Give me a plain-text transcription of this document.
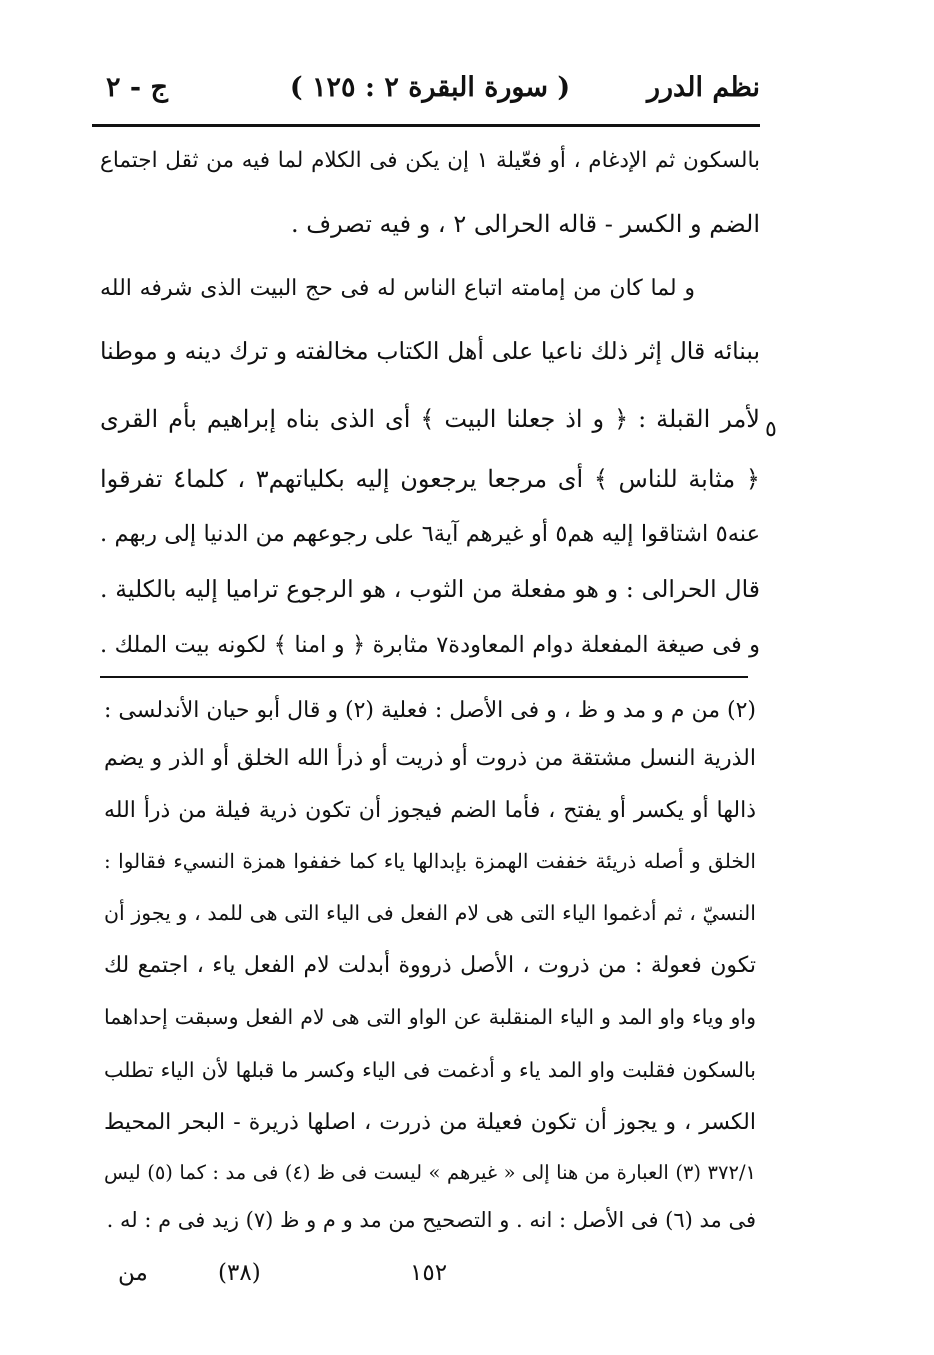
نظم الدرر
( سورة البقرة ٢ : ١٢٥ )
ج - ٢
بالسكون ثم الإدغام ، أو فعّيلة ١ إن يكن فى الكلام لما فيه من ثقل اجتماع
الضم و الكسر - قاله الحرالى ٢ ، و فيه تصرف .
و لما كان من إمامته اتباع الناس له فى حج البيت الذى شرفه الله
ببنائه قال إثر ذلك ناعيا على أهل الكتاب مخالفته و ترك دينه و موطنا
لأمر القبلة : ﴿ و اذ جعلنا البيت ﴾ أى الذى بناه إبراهيم بأم القرى
﴿ مثابة للناس ﴾ أى مرجعا يرجعون إليه بكلياتهم٣ ، كلما٤ تفرقوا
عنه٥ اشتاقوا إليه هم٥ أو غيرهم آية٦ على رجوعهم من الدنيا إلى ربهم .
قال الحرالى : و هو مفعلة من الثوب ، هو الرجوع تراميا إليه بالكلية .
و فى صيغة المفعلة دوام المعاودة٧ مثابرة ﴿ و امنا ﴾ لكونه بيت الملك .
٥
(٢) من م و مد و ظ ، و فى الأصل : فعلية (٢) و قال أبو حيان الأندلسى :
الذرية النسل مشتقة من ذروت أو ذريت أو ذرأ الله الخلق أو الذر و يضم
ذالها أو يكسر أو يفتح ، فأما الضم فيجوز أن تكون ذرية فيلة من ذرأ الله
الخلق و أصله ذريئة خففت الهمزة بإبدالها ياء كما خففوا همزة النسيء فقالوا :
النسيّ ، ثم أدغموا الياء التى هى لام الفعل فى الياء التى هى للمد ، و يجوز أن
تكون فعولة : من ذروت ، الأصل ذرووة أبدلت لام الفعل ياء ، اجتمع لك
واو وياء واو المد و الياء المنقلبة عن الواو التى هى لام الفعل وسبقت إحداهما
بالسكون فقلبت واو المد ياء و أدغمت فى الياء وكسر ما قبلها لأن الياء تطلب
الكسر ، و يجوز أن تكون فعيلة من ذررت ، اصلها ذريرة - البحر المحيط
٣٧٢/١ (٣) العبارة من هنا إلى « غيرهم » ليست فى ظ (٤) فى مد : كما (٥) ليس
فى مد (٦) فى الأصل : انه . و التصحيح من مد و م و ظ (٧) زيد فى م : له .
١٥٢
(٣٨)
من
